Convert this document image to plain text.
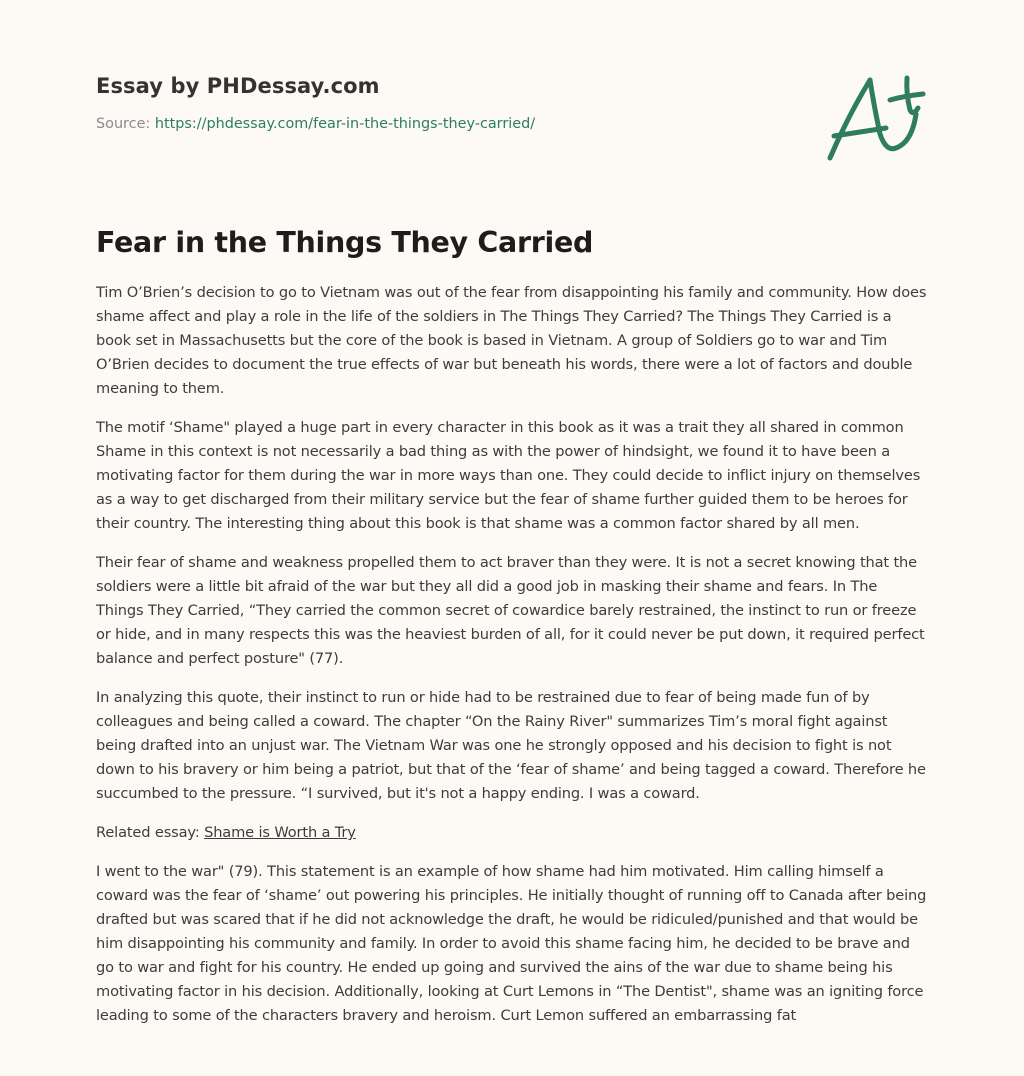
Essay by PHDessay.com
Source: https://phdessay.com/fear-in-the-things-they-carried/
Fear in the Things They Carried

Tim O’Brien’s decision to go to Vietnam was out of the fear from disappointing his family and community. How does shame affect and play a role in the life of the soldiers in The Things They Carried? The Things They Carried is a book set in Massachusetts but the core of the book is based in Vietnam. A group of Soldiers go to war and Tim O’Brien decides to document the true effects of war but beneath his words, there were a lot of factors and double meaning to them.

The motif ‘Shame" played a huge part in every character in this book as it was a trait they all shared in common Shame in this context is not necessarily a bad thing as with the power of hindsight, we found it to have been a motivating factor for them during the war in more ways than one. They could decide to inflict injury on themselves as a way to get discharged from their military service but the fear of shame further guided them to be heroes for their country. The interesting thing about this book is that shame was a common factor shared by all men.

Their fear of shame and weakness propelled them to act braver than they were. It is not a secret knowing that the soldiers were a little bit afraid of the war but they all did a good job in masking their shame and fears. In The Things They Carried, “They carried the common secret of cowardice barely restrained, the instinct to run or freeze or hide, and in many respects this was the heaviest burden of all, for it could never be put down, it required perfect balance and perfect posture" (77).

In analyzing this quote, their instinct to run or hide had to be restrained due to fear of being made fun of by colleagues and being called a coward. The chapter “On the Rainy River" summarizes Tim’s moral fight against being drafted into an unjust war. The Vietnam War was one he strongly opposed and his decision to fight is not down to his bravery or him being a patriot, but that of the ‘fear of shame’ and being tagged a coward. Therefore he succumbed to the pressure. “I survived, but it's not a happy ending. I was a coward.

Related essay: Shame is Worth a Try

I went to the war" (79). This statement is an example of how shame had him motivated. Him calling himself a coward was the fear of ‘shame’ out powering his principles. He initially thought of running off to Canada after being drafted but was scared that if he did not acknowledge the draft, he would be ridiculed/punished and that would be him disappointing his community and family. In order to avoid this shame facing him, he decided to be brave and go to war and fight for his country. He ended up going and survived the ains of the war due to shame being his motivating factor in his decision. Additionally, looking at Curt Lemons in “The Dentist", shame was an igniting force leading to some of the characters bravery and heroism. Curt Lemon suffered an embarrassing fat
